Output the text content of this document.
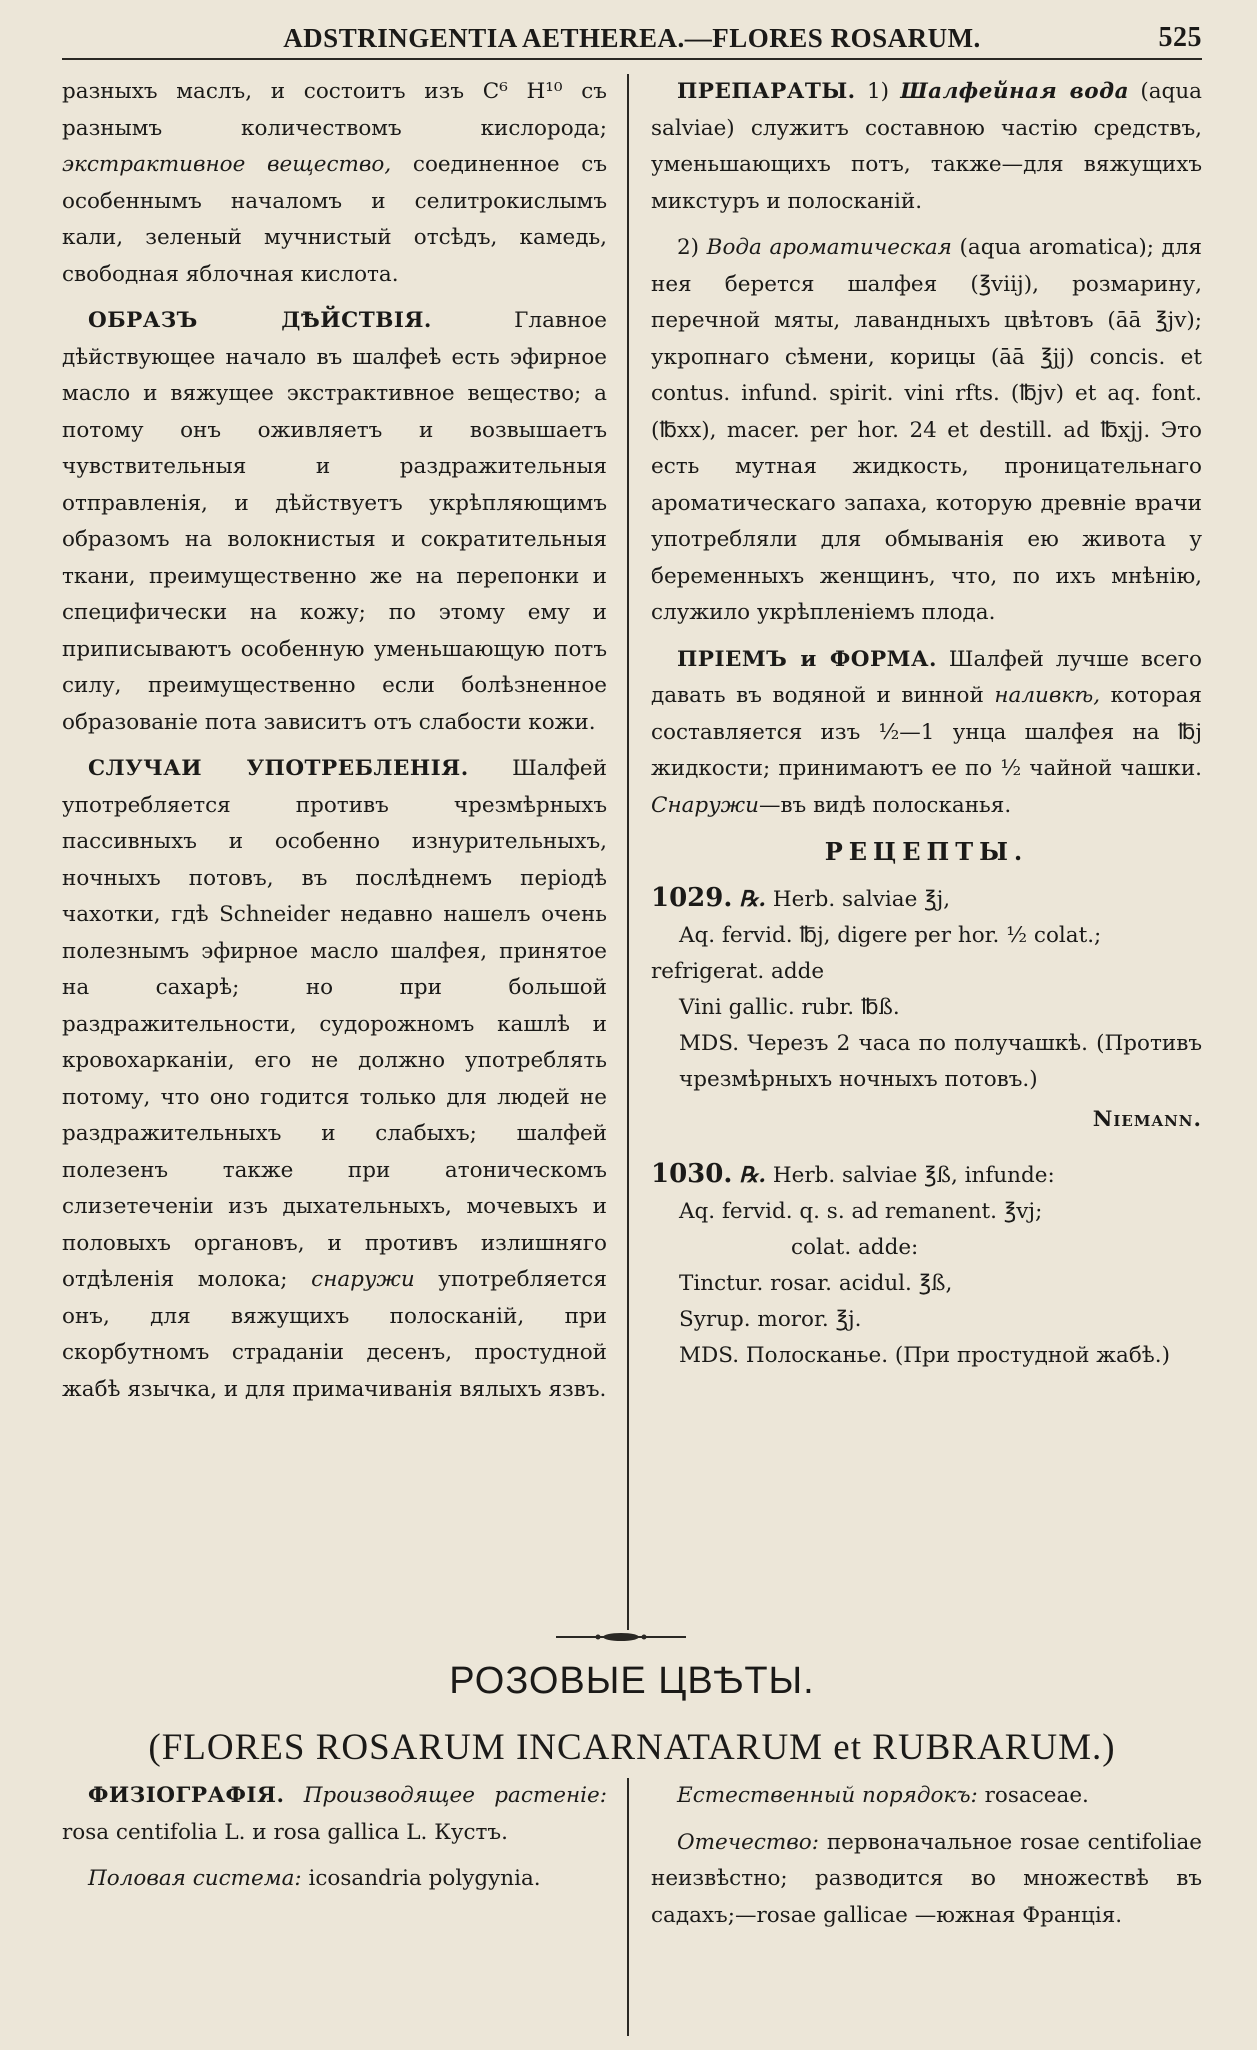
ADSTRINGENTIA AETHEREA.—FLORES ROSARUM.	525

разныхъ маслъ, и состоитъ изъ C⁶ H¹⁰ съ разнымъ количествомъ кислорода; экстрактивное вещество, соединенное съ особеннымъ началомъ и селитрокислымъ кали, зеленый мучнистый отсѣдъ, камедь, свободная яблочная кислота.

ОБРАЗЪ ДѢЙСТВIЯ.	Главное дѣйствующее начало въ шалфеѣ есть эфирное масло и вяжущее экстрактивное вещество; а потому онъ оживляетъ и возвышаетъ чувствительныя и раздражительныя отправленiя, и дѣйствуетъ укрѣпляющимъ образомъ на волокнистыя и сократительныя ткани, преимущественно же на перепонки и специфически на кожу; по этому ему и приписываютъ особенную уменьшающую потъ силу, преимущественно если болѣзненное образованiе пота зависитъ отъ слабости кожи.

СЛУЧАИ УПОТРЕБЛЕНIЯ. Шалфей употребляется противъ чрезмѣрныхъ пассивныхъ и особенно изнурительныхъ, ночныхъ потовъ, въ послѣднемъ перiодѣ чахотки, гдѣ Schneider недавно нашелъ очень полезнымъ эфирное масло шалфея, принятое на сахарѣ; но при большой раздражительности, судорожномъ кашлѣ и кровохарканiи, его не должно употреблять потому, что оно годится только для людей не раздражительныхъ и слабыхъ; шалфей полезенъ также при атоническомъ слизетеченiи изъ дыхательныхъ, мочевыхъ и половыхъ органовъ, и противъ излишняго отдѣленiя молока; снаружи употребляется онъ, для вяжущихъ полосканiй, при скорбутномъ страданiи десенъ, простудной жабѣ язычка, и для примачиванiя вялыхъ язвъ.

ПРЕПАРАТЫ. 1) Шалфейная вода (aqua salviae) служитъ составною частiю средствъ, уменьшающихъ потъ, также—для вяжущихъ микстуръ и полосканiй.

2) Вода ароматическая (aqua aromatica); для нея берется шалфея (℥viij), розмарину, перечной мяты, лавандныхъ цвѣтовъ (āā ℥jv); укропнаго сѣмени, корицы (āā ℥jj) concis. et contus. infund. spirit. vini rfts. (℔jv) et aq. font. (℔xx), macer. per hor. 24 et destill. ad ℔xjj. Это есть мутная жидкость, проницательнаго ароматическаго запаха, которую древнiе врачи употребляли для обмыванiя ею живота у беременныхъ женщинъ, что, по ихъ мнѣнiю, служило укрѣпленiемъ плода.

ПРIЕМЪ и ФОРМА. Шалфей лучше всего давать въ водяной и винной наливкѣ, которая составляется изъ ½—1 унца шалфея на ℔j жидкости; принимаютъ ее по ½ чайной чашки. Снаружи—въ видѣ полосканья.

РЕЦЕПТЫ.

1029. ℞. Herb. salviae ℥j,

Aq. fervid. ℔j, digere per hor. ½ colat.;

refrigerat. adde

Vini gallic. rubr. ℔ß.

MDS. Черезъ 2 часа по получашкѣ. (Противъ чрезмѣрныхъ ночныхъ потовъ.)

Niemann.

1030. ℞. Herb. salviae ℥ß, infunde:

Aq. fervid. q. s. ad remanent. ℥vj;

colat. adde:

Tinctur. rosar. acidul. ℥ß,

Syrup. moror. ℥j.

MDS. Полосканье. (При простудной жабѣ.)

РОЗОВЫЕ ЦВѢТЫ.
(FLORES ROSARUM INCARNATARUM et RUBRARUM.)

ФИЗIОГРАФIЯ. Производящее растенiе: rosa centifolia L. и rosa gallica L. Кустъ.

Половая система: icosandria polygynia.

Естественный порядокъ: rosaceae.

Отечество: первоначальное rosae centifoliae неизвѣстно; разводится во множествѣ въ садахъ;—rosae gallicae —южная Францiя.
